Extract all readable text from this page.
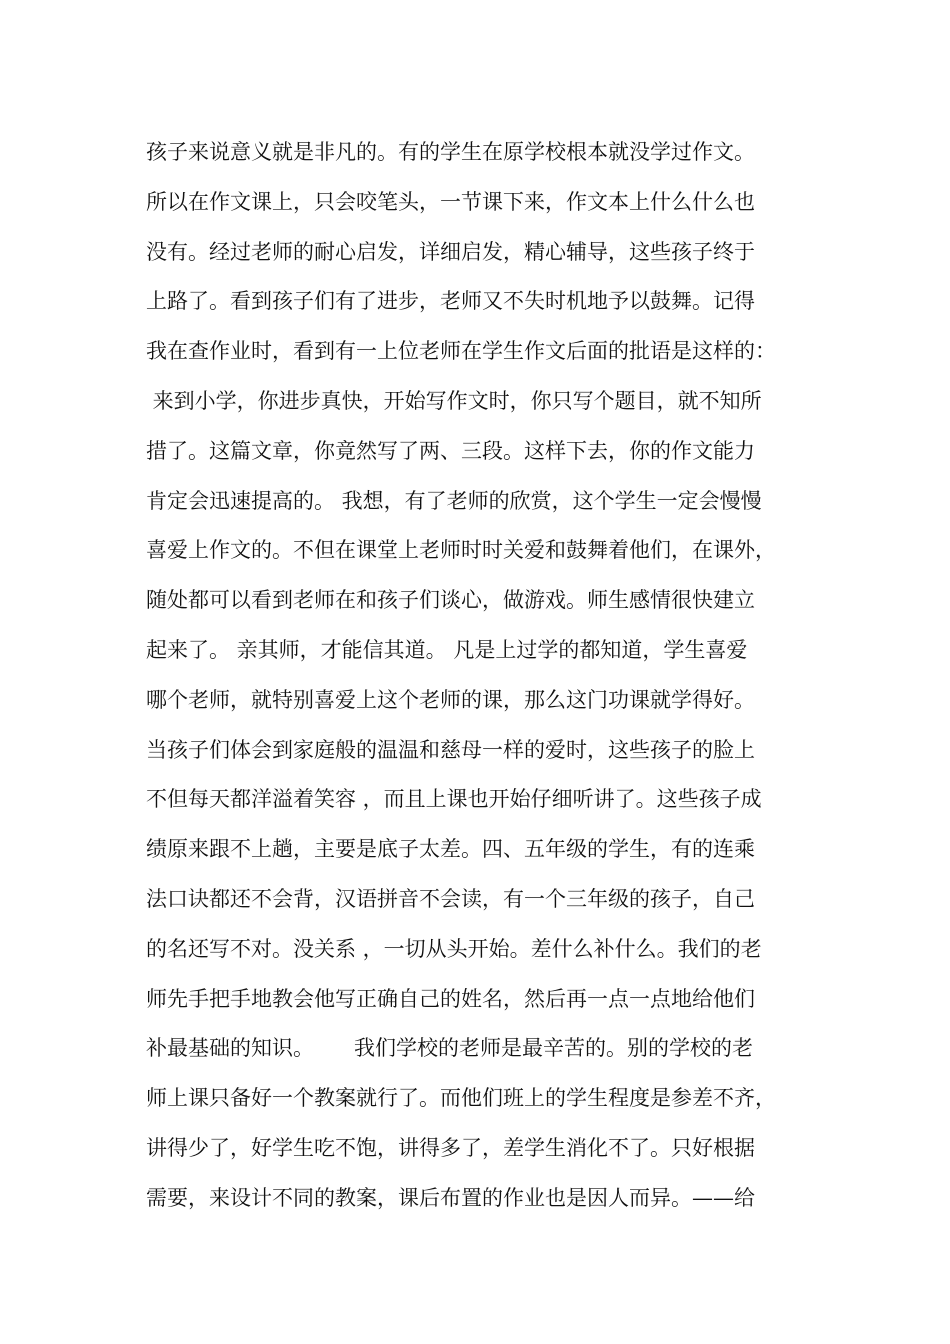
孩子来说意义就是非凡的。有的学生在原学校根本就没学过作文。
所以在作文课上，只会咬笔头，一节课下来，作文本上什么什么也
没有。经过老师的耐心启发，详细启发，精心辅导，这些孩子终于
上路了。看到孩子们有了进步，老师又不失时机地予以鼓舞。记得
我在查作业时，看到有一上位老师在学生作文后面的批语是这样的：
来到小学，你进步真快，开始写作文时，你只写个题目，就不知所
措了。这篇文章，你竟然写了两、三段。这样下去，你的作文能力
肯定会迅速提高的。 我想，有了老师的欣赏，这个学生一定会慢慢
喜爱上作文的。不但在课堂上老师时时关爱和鼓舞着他们，在课外，
随处都可以看到老师在和孩子们谈心，做游戏。师生感情很快建立
起来了。 亲其师，才能信其道。 凡是上过学的都知道，学生喜爱
哪个老师，就特别喜爱上这个老师的课，那么这门功课就学得好。
当孩子们体会到家庭般的温温和慈母一样的爱时，这些孩子的脸上
不但每天都洋溢着笑容 ，而且上课也开始仔细听讲了。这些孩子成
绩原来跟不上趟，主要是底子太差。四、五年级的学生，有的连乘
法口诀都还不会背，汉语拼音不会读，有一个三年级的孩子，自己
的名还写不对。没关系 ，一切从头开始。差什么补什么。我们的老
师先手把手地教会他写正确自己的姓名，然后再一点一点地给他们
补最基础的知识。      我们学校的老师是最辛苦的。别的学校的老
师上课只备好一个教案就行了。而他们班上的学生程度是参差不齐，
讲得少了，好学生吃不饱，讲得多了，差学生消化不了。只好根据
需要，来设计不同的教案，课后布置的作业也是因人而异。——给
